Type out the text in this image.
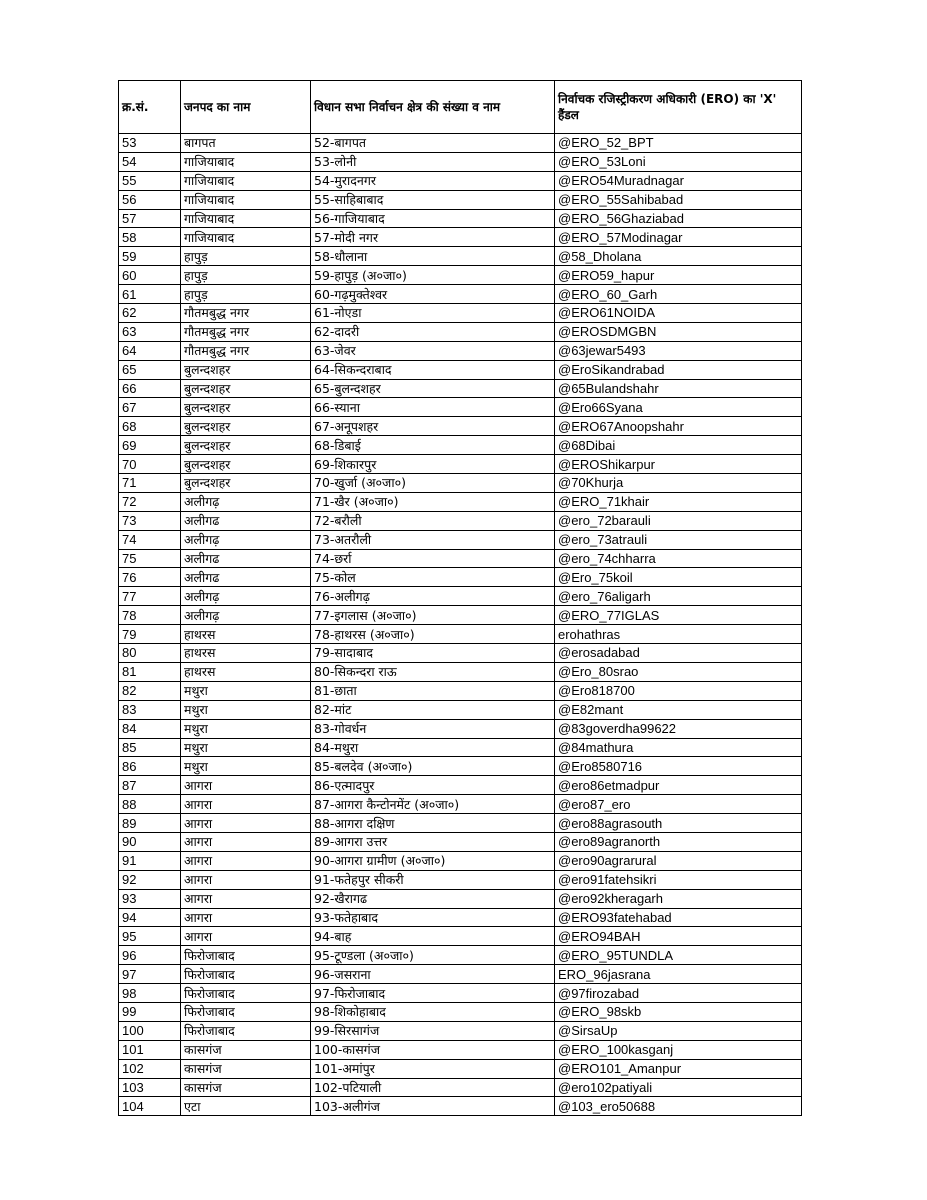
क्र.सं.	जनपद का नाम	विधान सभा निर्वाचन क्षेत्र की संख्या व नाम	निर्वाचक रजिस्ट्रीकरण अधिकारी (ERO) का 'X' हैंडल
53	बागपत	52-बागपत	@ERO_52_BPT
54	गाजियाबाद	53-लोनी	@ERO_53Loni
55	गाजियाबाद	54-मुरादनगर	@ERO54Muradnagar
56	गाजियाबाद	55-साहिबाबाद	@ERO_55Sahibabad
57	गाजियाबाद	56-गाजियाबाद	@ERO_56Ghaziabad
58	गाजियाबाद	57-मोदी नगर	@ERO_57Modinagar
59	हापुड़	58-धौलाना	@58_Dholana
60	हापुड़	59-हापुड़ (अ०जा०)	@ERO59_hapur
61	हापुड़	60-गढ़मुक्तेश्वर	@ERO_60_Garh
62	गौतमबुद्ध नगर	61-नोएडा	@ERO61NOIDA
63	गौतमबुद्ध नगर	62-दादरी	@EROSDMGBN
64	गौतमबुद्ध नगर	63-जेवर	@63jewar5493
65	बुलन्दशहर	64-सिकन्दराबाद	@EroSikandrabad
66	बुलन्दशहर	65-बुलन्दशहर	@65Bulandshahr
67	बुलन्दशहर	66-स्याना	@Ero66Syana
68	बुलन्दशहर	67-अनूपशहर	@ERO67Anoopshahr
69	बुलन्दशहर	68-डिबाई	@68Dibai
70	बुलन्दशहर	69-शिकारपुर	@EROShikarpur
71	बुलन्दशहर	70-खुर्जा (अ०जा०)	@70Khurja
72	अलीगढ़	71-खैर (अ०जा०)	@ERO_71khair
73	अलीगढ	72-बरौली	@ero_72barauli
74	अलीगढ़	73-अतरौली	@ero_73atrauli
75	अलीगढ	74-छर्रा	@ero_74chharra
76	अलीगढ	75-कोल	@Ero_75koil
77	अलीगढ़	76-अलीगढ़	@ero_76aligarh
78	अलीगढ़	77-इगलास (अ०जा०)	@ERO_77IGLAS
79	हाथरस	78-हाथरस (अ०जा०)	erohathras
80	हाथरस	79-सादाबाद	@erosadabad
81	हाथरस	80-सिकन्दरा राऊ	@Ero_80srao
82	मथुरा	81-छाता	@Ero818700
83	मथुरा	82-मांट	@E82mant
84	मथुरा	83-गोवर्धन	@83goverdha99622
85	मथुरा	84-मथुरा	@84mathura
86	मथुरा	85-बलदेव (अ०जा०)	@Ero8580716
87	आगरा	86-एत्मादपुर	@ero86etmadpur
88	आगरा	87-आगरा कैन्टोनमेंट (अ०जा०)	@ero87_ero
89	आगरा	88-आगरा दक्षिण	@ero88agrasouth
90	आगरा	89-आगरा उत्तर	@ero89agranorth
91	आगरा	90-आगरा ग्रामीण (अ०जा०)	@ero90agrarural
92	आगरा	91-फतेहपुर सीकरी	@ero91fatehsikri
93	आगरा	92-खैरागढ	@ero92kheragarh
94	आगरा	93-फतेहाबाद	@ERO93fatehabad
95	आगरा	94-बाह	@ERO94BAH
96	फिरोजाबाद	95-टूण्डला (अ०जा०)	@ERO_95TUNDLA
97	फिरोजाबाद	96-जसराना	ERO_96jasrana
98	फिरोजाबाद	97-फिरोजाबाद	@97firozabad
99	फिरोजाबाद	98-शिकोहाबाद	@ERO_98skb
100	फिरोजाबाद	99-सिरसागंज	@SirsaUp
101	कासगंज	100-कासगंज	@ERO_100kasganj
102	कासगंज	101-अमांपुर	@ERO101_Amanpur
103	कासगंज	102-पटियाली	@ero102patiyali
104	एटा	103-अलीगंज	@103_ero50688
